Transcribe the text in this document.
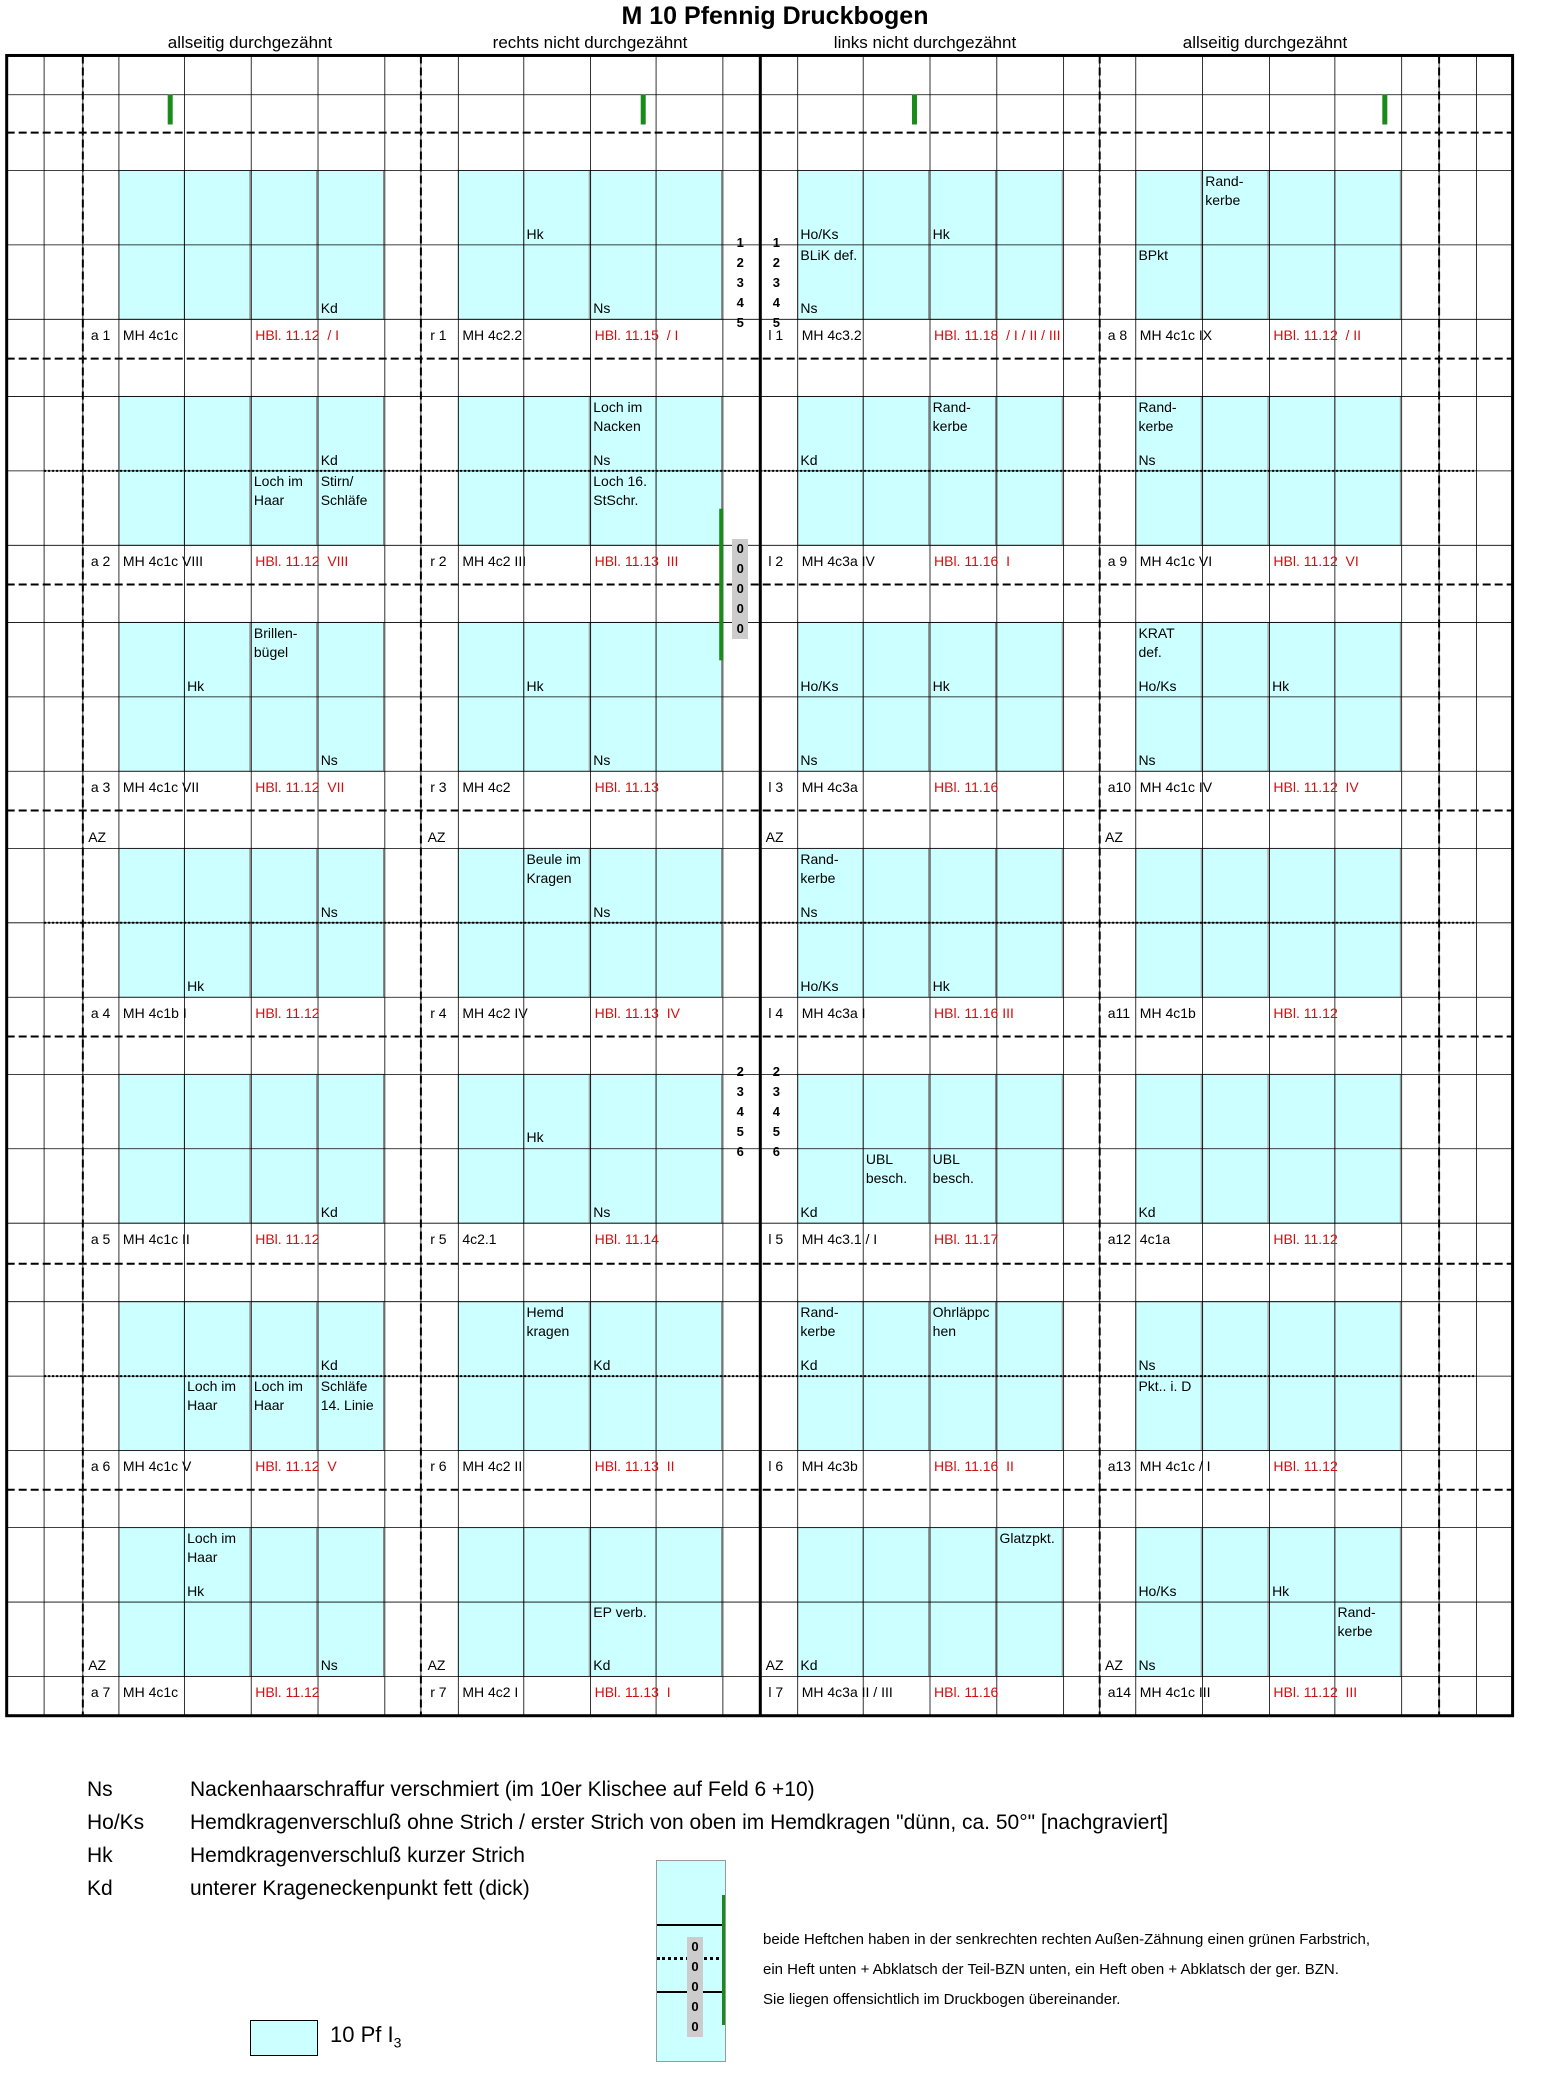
M 10 Pfennig Druckbogen
allseitig durchgezähnt	rechts nicht durchgezähnt	links nicht durchgezähnt	allseitig durchgezähnt
a 1 MH 4c1c	HBl. 11.12  / I	r 1 MH 4c2.2	HBl. 11.15  / I	l 1 MH 4c3.2	HBl. 11.18  / I / II / III	a 8 MH 4c1c IX	HBl. 11.12  / II
a 2 MH 4c1c VIII	HBl. 11.12  VIII	r 2 MH 4c2 III	HBl. 11.13  III	l 2 MH 4c3a IV	HBl. 11.16  I	a 9 MH 4c1c VI	HBl. 11.12  VI
a 3 MH 4c1c VII	HBl. 11.12  VII	r 3 MH 4c2	HBl. 11.13	l 3 MH 4c3a	HBl. 11.16	a10 MH 4c1c IV	HBl. 11.12  IV
a 4 MH 4c1b I	HBl. 11.12	r 4 MH 4c2 IV	HBl. 11.13  IV	l 4 MH 4c3a I	HBl. 11.16 III	a11 MH 4c1b	HBl. 11.12
a 5 MH 4c1c II	HBl. 11.12	r 5 4c2.1	HBl. 11.14	l 5 MH 4c3.1 / I	HBl. 11.17	a12 4c1a	HBl. 11.12
a 6 MH 4c1c V	HBl. 11.12  V	r 6 MH 4c2 II	HBl. 11.13  II	l 6 MH 4c3b	HBl. 11.16  II	a13 MH 4c1c / I	HBl. 11.12
a 7 MH 4c1c	HBl. 11.12	r 7 MH 4c2 I	HBl. 11.13  I	l 7 MH 4c3a II / III	HBl. 11.16	a14 MH 4c1c III	HBl. 11.12  III
Hk
Kd	Ns
Ho/Ks	Hk
BLiK def.
Ns
Rand-
kerbe
BPkt
Kd
Loch im
Haar
Stirn/
Schläfe
Loch im
Nacken
Ns
Loch 16.
StSchr.
Rand-
kerbe
Kd
Rand-
kerbe
Ns
Brillen-
bügel
Hk
Ns
Hk
Ns
Ho/Ks	Hk
Ns
KRAT
def.
Ho/Ks	Hk
Ns
AZ	AZ	AZ	AZ
Ns
Hk
Beule im
Kragen
Ns
Rand-
kerbe
Ns
Ho/Ks	Hk
Kd
Hk
Ns
UBL
besch.
UBL
besch.
Kd	Kd
Kd
Loch im
Haar
Loch im
Haar
Schläfe
14. Linie
Hemd
kragen
Kd
Rand-
kerbe
Kd
Ohrläppc
hen
Ns
Pkt.. i. D
Loch im
Haar
Hk
AZ	Ns	AZ
EP verb.
Kd
Glatzpkt.
AZ Kd
Ho/Ks	Hk
Rand-
kerbe
AZ Ns
1
2
3
4
5
1
2
3
4
5
0
0
0
0
0
2
3
4
5
6
2
3
4
5
6
Ns	Nackenhaarschraffur verschmiert (im 10er Klischee auf Feld 6 +10)
Ho/Ks Hemdkragenverschluß ohne Strich / erster Strich von oben im Hemdkragen "dünn, ca. 50°" [nachgraviert]
Hk	Hemdkragenverschluß kurzer Strich
Kd	unterer Krageneckenpunkt fett (dick)
0
0
0
0
0
beide Heftchen haben in der senkrechten rechten Außen-Zähnung einen grünen Farbstrich,
ein Heft unten + Abklatsch der Teil-BZN unten, ein Heft oben + Abklatsch der ger. BZN.
Sie liegen offensichtlich im Druckbogen übereinander.
10 Pf $I_3$
